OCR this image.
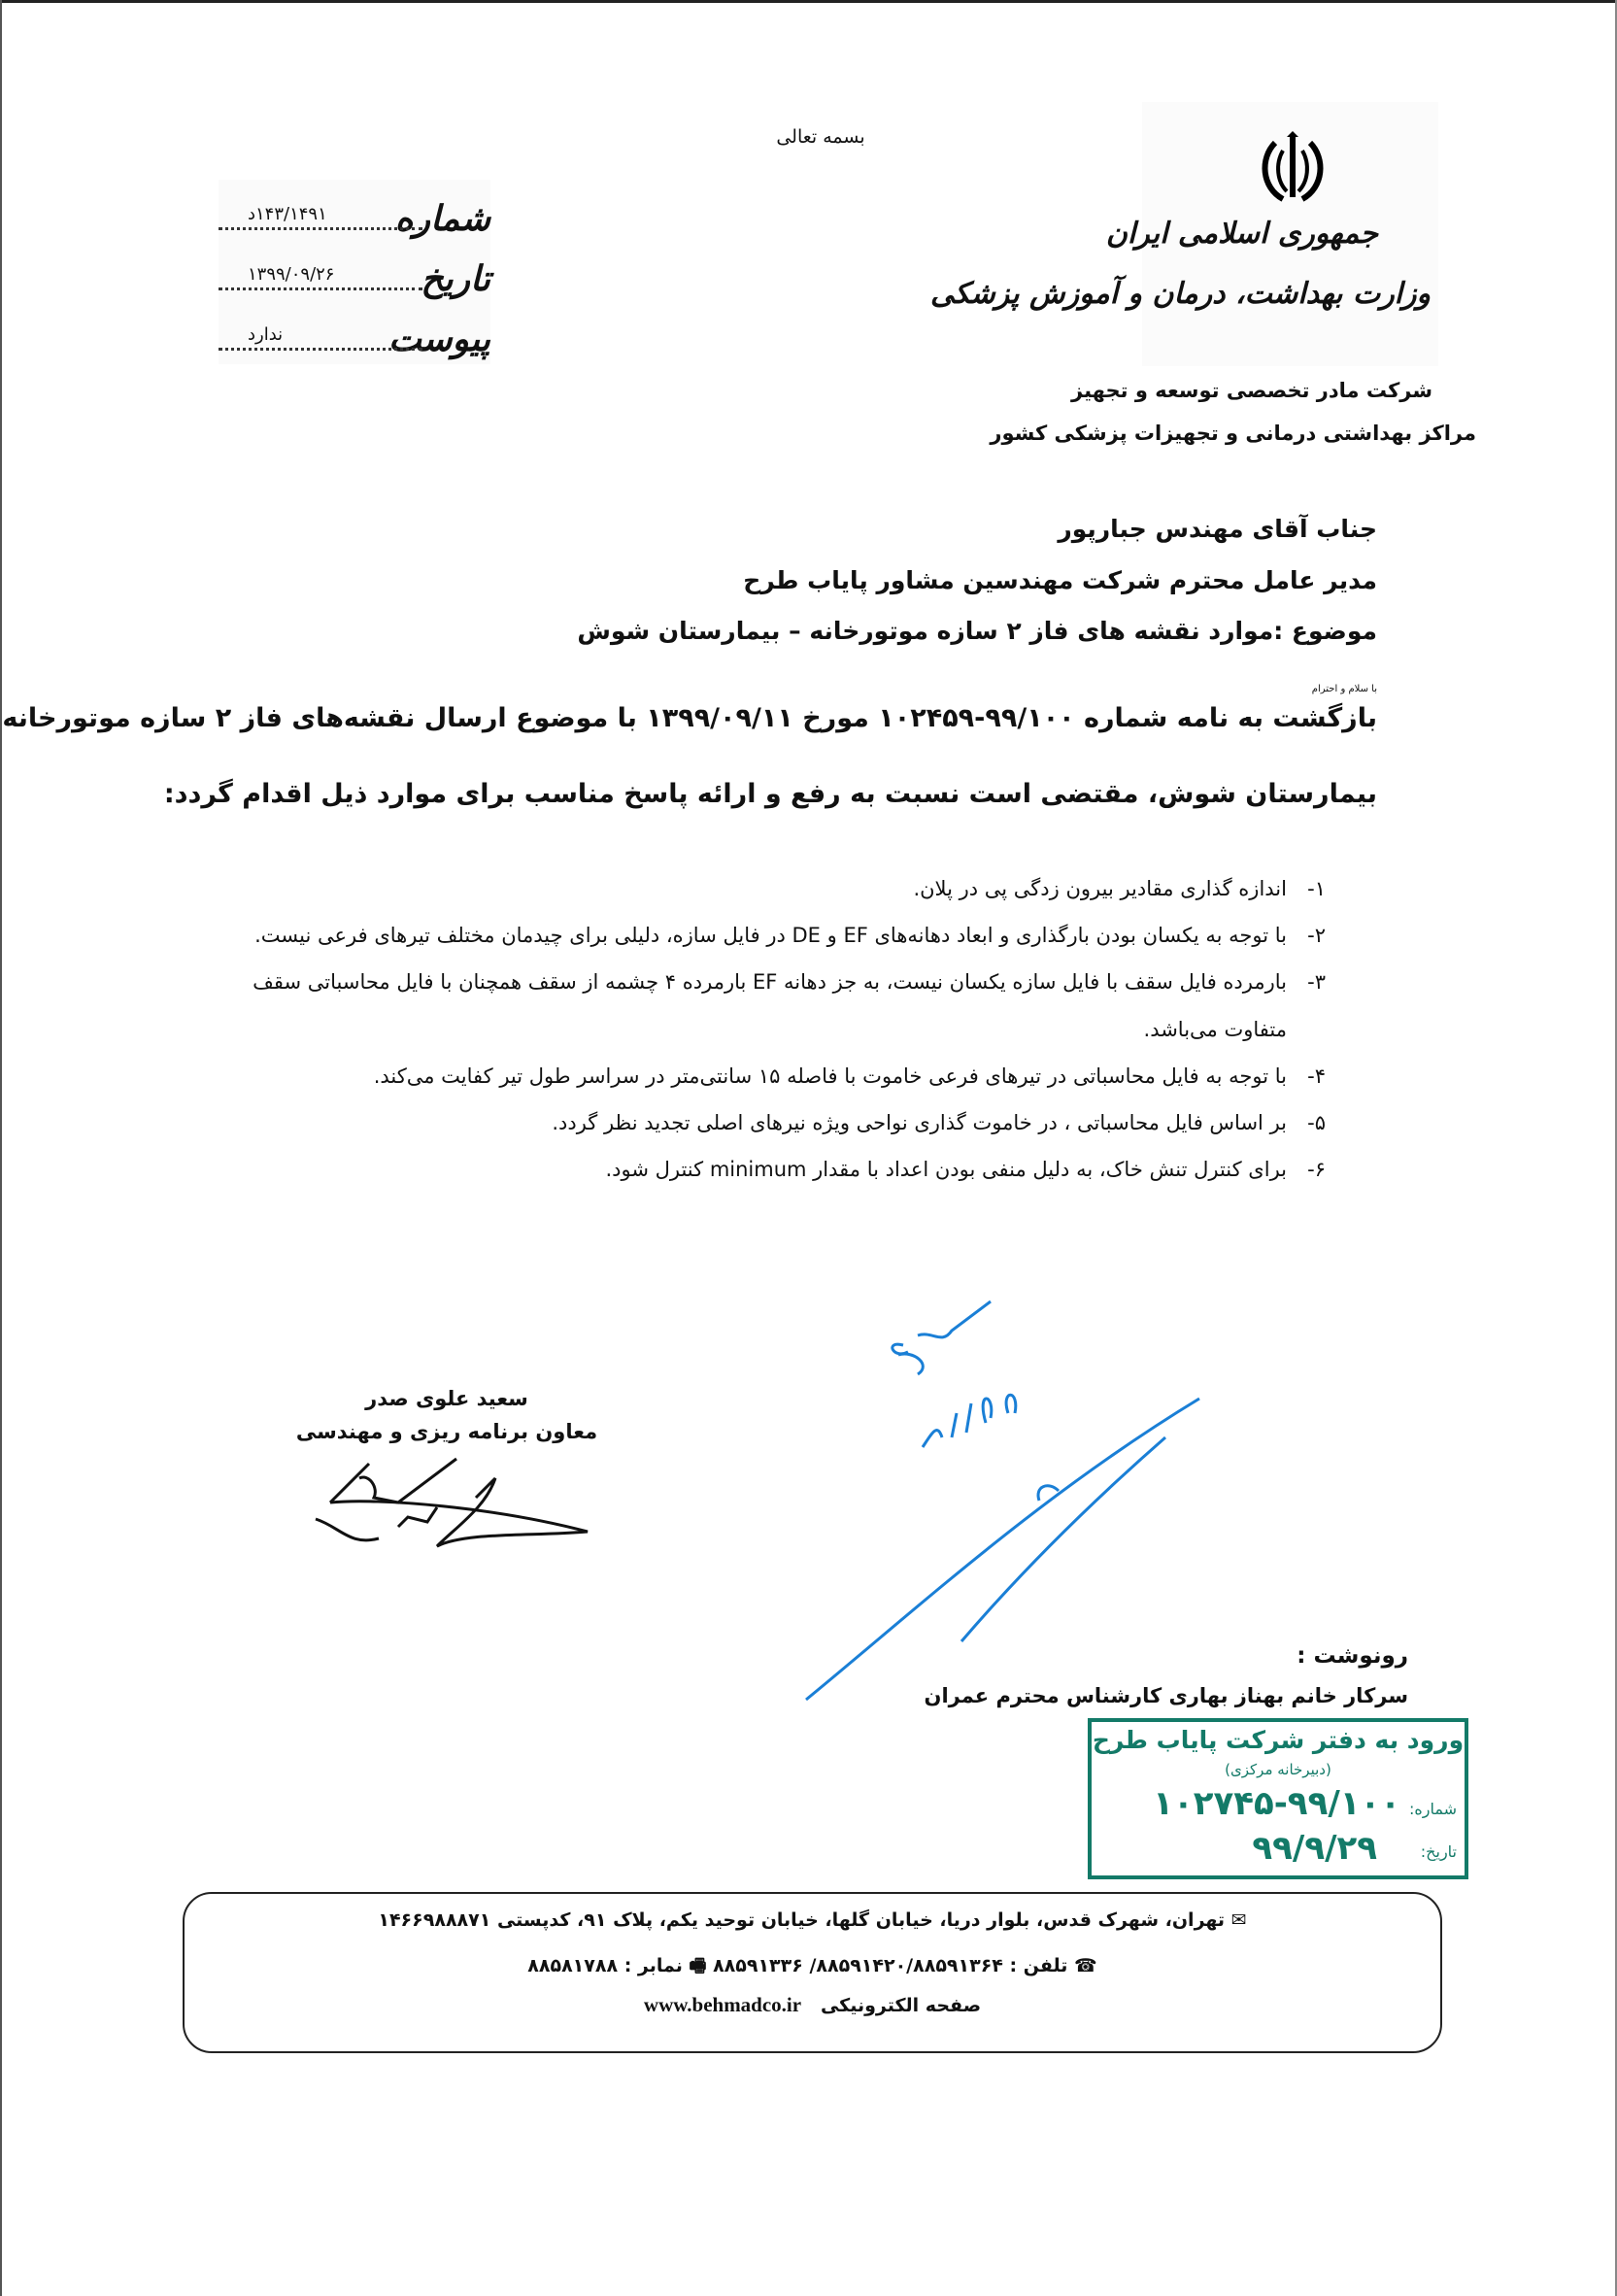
بسمه تعالی
شماره
۱۴۳/۱۴۹۱د
تاریخ
۱۳۹۹/۰۹/۲۶
پیوست
ندارد
جمهوری اسلامی ایران
وزارت بهداشت، درمان و آموزش پزشکی
شرکت مادر تخصصی توسعه و تجهیز
مراکز بهداشتی درمانی و تجهیزات پزشکی کشور
جناب آقای مهندس جبارپور
مدیر عامل محترم شرکت مهندسین مشاور پایاب طرح
موضوع :موارد نقشه های فاز ۲ سازه موتورخانه – بیمارستان شوش
با سلام و احترام
بازگشت به نامه شماره ۹۹/۱۰۰-۱۰۲۴۵۹ مورخ ۱۳۹۹/۰۹/۱۱ با موضوع ارسال نقشه‌های فاز ۲ سازه موتورخانه
بیمارستان شوش، مقتضی است نسبت به رفع و ارائه پاسخ مناسب برای موارد ذیل اقدام گردد:
۱-
اندازه گذاری مقادیر بیرون زدگی پی در پلان.
۲-
با توجه به یکسان بودن بارگذاری و ابعاد دهانه‌های EF و DE در فایل سازه، دلیلی برای چیدمان مختلف تیرهای فرعی نیست.
۳-
بارمرده فایل سقف با فایل سازه یکسان نیست، به جز دهانه EF بارمرده ۴ چشمه از سقف همچنان با فایل محاسباتی سقف
متفاوت می‌باشد.
۴-
با توجه به فایل محاسباتی در تیرهای فرعی خاموت با فاصله ۱۵ سانتی‌متر در سراسر طول تیر کفایت می‌کند.
۵-
بر اساس فایل محاسباتی ، در خاموت گذاری نواحی ویژه نیرهای اصلی تجدید نظر گردد.
۶-
برای کنترل تنش خاک، به دلیل منفی بودن اعداد با مقدار minimum کنترل شود.
سعید علوی صدر
معاون برنامه ریزی و مهندسی
رونوشت :
سرکار خانم بهناز بهاری کارشناس محترم عمران
ورود به دفتر شرکت پایاب طرح
(دبیرخانه مرکزی)
شماره:
۱۰۲۷۴۵-۹۹/۱۰۰
تاریخ:
۹۹/۹/۲۹
✉ تهران، شهرک قدس، بلوار دریا، خیابان گلها، خیابان توحید یکم، پلاک ۹۱، کدپستی ۱۴۶۶۹۸۸۸۷۱
☎ تلفن : ۸۸۵۹۱۴۲۰/۸۸۵۹۱۳۶۴/ ۸۸۵۹۱۳۳۶ 🖷 نمابر : ۸۸۵۸۱۷۸۸
صفحه الکترونیکی   www.behmadco.ir
